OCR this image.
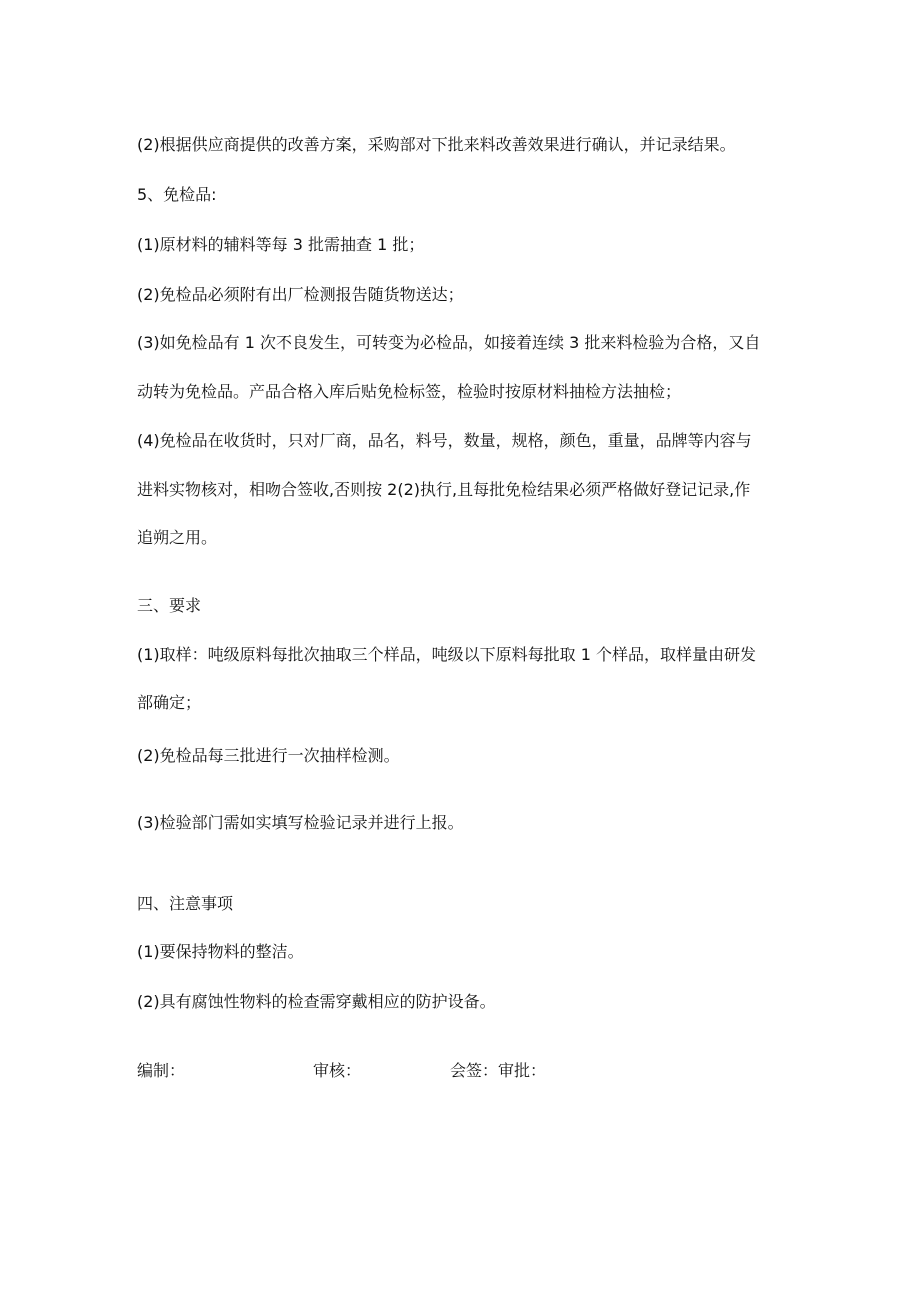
(2)根据供应商提供的改善方案，采购部对下批来料改善效果进行确认，并记录结果。
5、免检品:
(1)原材料的辅料等每 3 批需抽查 1 批；
(2)免检品必须附有出厂检测报告随货物送达；
(3)如免检品有 1 次不良发生，可转变为必检品，如接着连续 3 批来料检验为合格，又自
动转为免检品。产品合格入库后贴免检标签，检验时按原材料抽检方法抽检；
(4)免检品在收货时，只对厂商，品名，料号，数量，规格，颜色，重量，品牌等内容与
进料实物核对，相吻合签收,否则按 2(2)执行,且每批免检结果必须严格做好登记记录,作
追朔之用。
三、要求
(1)取样：吨级原料每批次抽取三个样品，吨级以下原料每批取 1 个样品，取样量由研发
部确定；
(2)免检品每三批进行一次抽样检测。
(3)检验部门需如实填写检验记录并进行上报。
四、注意事项
(1)要保持物料的整洁。
(2)具有腐蚀性物料的检查需穿戴相应的防护设备。
编制：	审核：	会签：审批：
